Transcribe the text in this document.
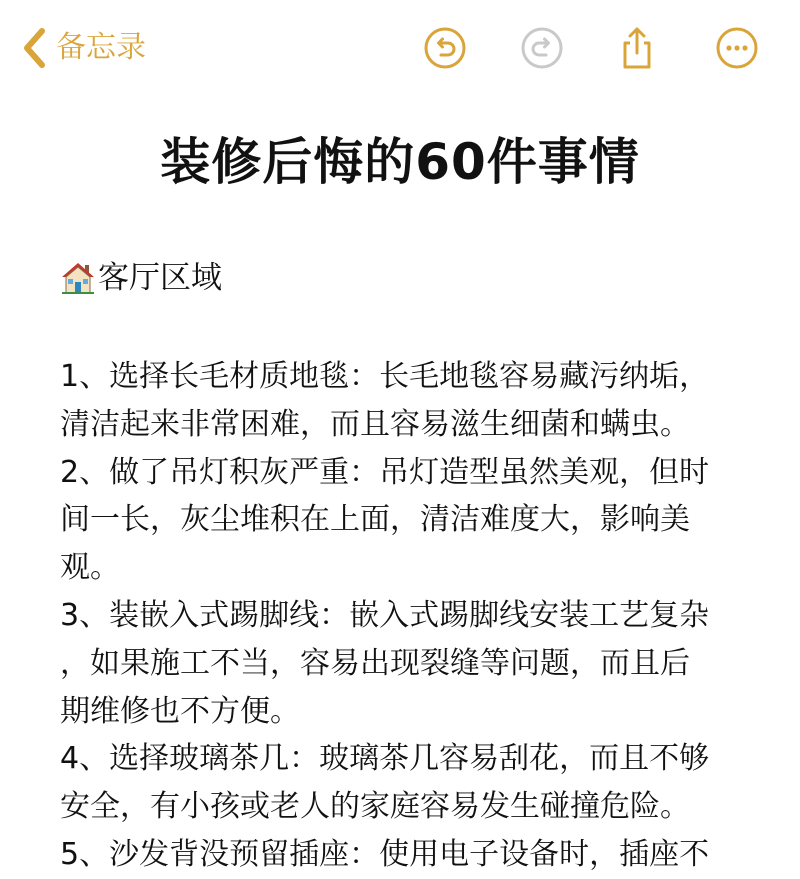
备忘录
装修后悔的60件事情
客厅区域

1、选择长毛材质地毯：长毛地毯容易藏污纳垢，

清洁起来非常困难，而且容易滋生细菌和螨虫。

2、做了吊灯积灰严重：吊灯造型虽然美观，但时

间一长，灰尘堆积在上面，清洁难度大，影响美

观。

3、装嵌入式踢脚线：嵌入式踢脚线安装工艺复杂

，如果施工不当，容易出现裂缝等问题，而且后

期维修也不方便。

4、选择玻璃茶几：玻璃茶几容易刮花，而且不够

安全，有小孩或老人的家庭容易发生碰撞危险。

5、沙发背没预留插座：使用电子设备时，插座不
